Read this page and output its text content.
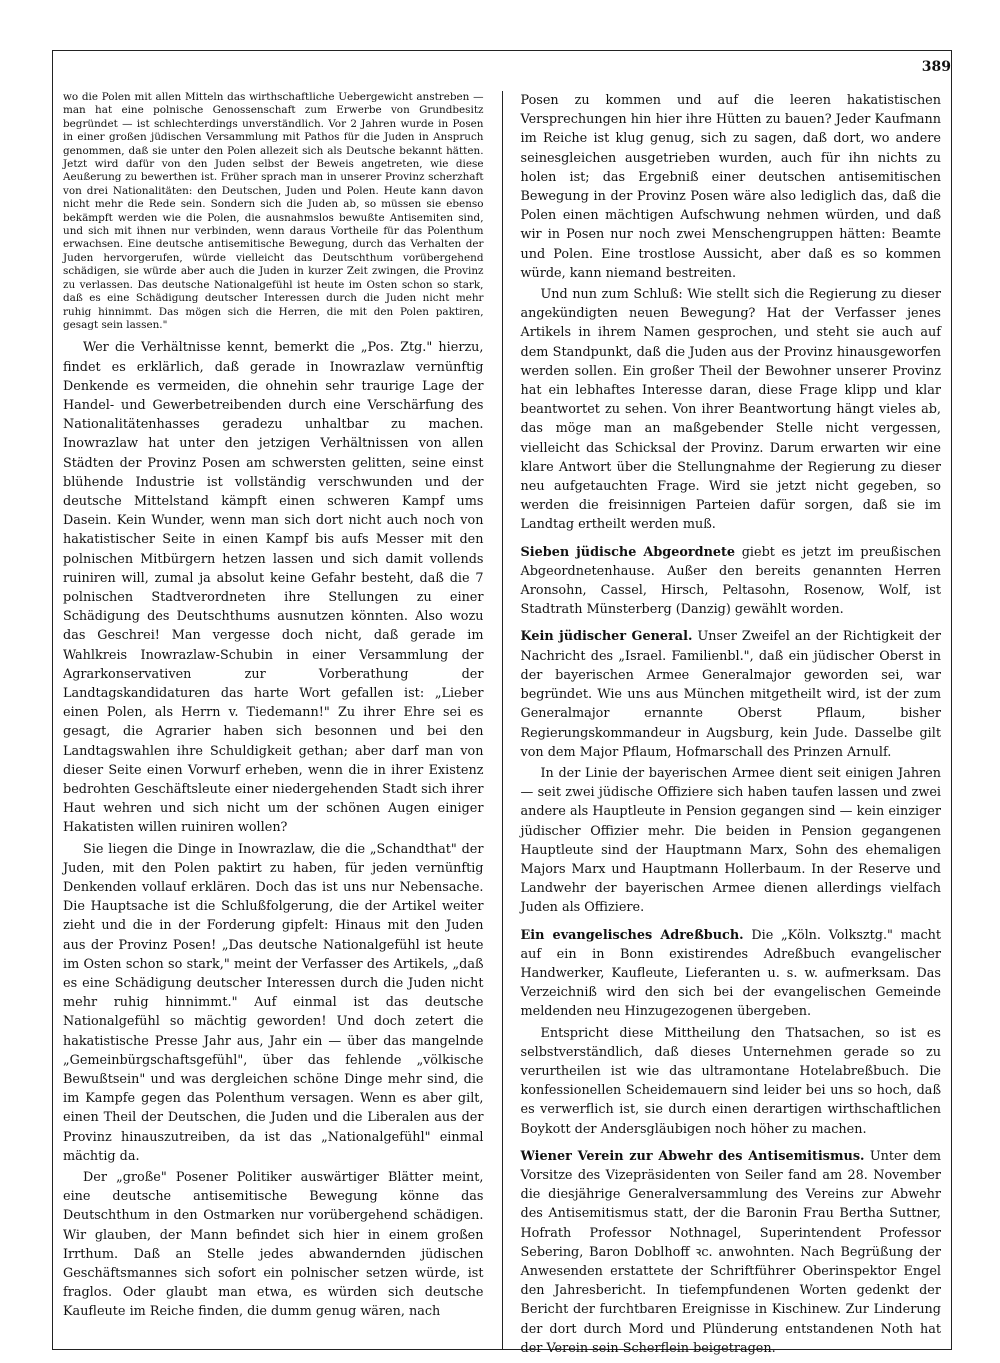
389

wo die Polen mit allen Mitteln das wirthschaftliche Uebergewicht anstreben — man hat eine polnische Genossenschaft zum Erwerbe von Grundbesitz begründet — ist schlechterdings unverständlich. Vor 2 Jahren wurde in Posen in einer großen jüdischen Versammlung mit Pathos für die Juden in Anspruch genommen, daß sie unter den Polen allezeit sich als Deutsche bekannt hätten. Jetzt wird dafür von den Juden selbst der Beweis angetreten, wie diese Aeußerung zu bewerthen ist. Früher sprach man in unserer Provinz scherzhaft von drei Nationalitäten: den Deutschen, Juden und Polen. Heute kann davon nicht mehr die Rede sein. Sondern sich die Juden ab, so müssen sie ebenso bekämpft werden wie die Polen, die ausnahmslos bewußte Antisemiten sind, und sich mit ihnen nur verbinden, wenn daraus Vortheile für das Polenthum erwachsen. Eine deutsche antisemitische Bewegung, durch das Verhalten der Juden hervorgerufen, würde vielleicht das Deutschthum vorübergehend schädigen, sie würde aber auch die Juden in kurzer Zeit zwingen, die Provinz zu verlassen. Das deutsche Nationalgefühl ist heute im Osten schon so stark, daß es eine Schädigung deutscher Interessen durch die Juden nicht mehr ruhig hinnimmt. Das mögen sich die Herren, die mit den Polen paktiren, gesagt sein lassen."

Wer die Verhältnisse kennt, bemerkt die „Pos. Ztg." hierzu, findet es erklärlich, daß gerade in Inowrazlaw vernünftig Denkende es vermeiden, die ohnehin sehr traurige Lage der Handel- und Gewerbetreibenden durch eine Verschärfung des Nationalitätenhasses geradezu unhaltbar zu machen. Inowrazlaw hat unter den jetzigen Verhältnissen von allen Städten der Provinz Posen am schwersten gelitten, seine einst blühende Industrie ist vollständig verschwunden und der deutsche Mittelstand kämpft einen schweren Kampf ums Dasein. Kein Wunder, wenn man sich dort nicht auch noch von hakatistischer Seite in einen Kampf bis aufs Messer mit den polnischen Mitbürgern hetzen lassen und sich damit vollends ruiniren will, zumal ja absolut keine Gefahr besteht, daß die 7 polnischen Stadtverordneten ihre Stellungen zu einer Schädigung des Deutschthums ausnutzen könnten. Also wozu das Geschrei! Man vergesse doch nicht, daß gerade im Wahlkreis Inowrazlaw-Schubin in einer Versammlung der Agrarkonservativen zur Vorberathung der Landtagskandidaturen das harte Wort gefallen ist: „Lieber einen Polen, als Herrn v. Tiedemann!" Zu ihrer Ehre sei es gesagt, die Agrarier haben sich besonnen und bei den Landtagswahlen ihre Schuldigkeit gethan; aber darf man von dieser Seite einen Vorwurf erheben, wenn die in ihrer Existenz bedrohten Geschäftsleute einer niedergehenden Stadt sich ihrer Haut wehren und sich nicht um der schönen Augen einiger Hakatisten willen ruiniren wollen?

Sie liegen die Dinge in Inowrazlaw, die die „Schandthat" der Juden, mit den Polen paktirt zu haben, für jeden vernünftig Denkenden vollauf erklären. Doch das ist uns nur Nebensache. Die Hauptsache ist die Schlußfolgerung, die der Artikel weiter zieht und die in der Forderung gipfelt: Hinaus mit den Juden aus der Provinz Posen! „Das deutsche Nationalgefühl ist heute im Osten schon so stark," meint der Verfasser des Artikels, „daß es eine Schädigung deutscher Interessen durch die Juden nicht mehr ruhig hinnimmt." Auf einmal ist das deutsche Nationalgefühl so mächtig geworden! Und doch zetert die hakatistische Presse Jahr aus, Jahr ein — über das mangelnde „Gemeinbürgschaftsgefühl", über das fehlende „völkische Bewußtsein" und was dergleichen schöne Dinge mehr sind, die im Kampfe gegen das Polenthum versagen. Wenn es aber gilt, einen Theil der Deutschen, die Juden und die Liberalen aus der Provinz hinauszutreiben, da ist das „Nationalgefühl" einmal mächtig da.

Der „große" Posener Politiker auswärtiger Blätter meint, eine deutsche antisemitische Bewegung könne das Deutschthum in den Ostmarken nur vorübergehend schädigen. Wir glauben, der Mann befindet sich hier in einem großen Irrthum. Daß an Stelle jedes abwandernden jüdischen Geschäftsmannes sich sofort ein polnischer setzen würde, ist fraglos. Oder glaubt man etwa, es würden sich deutsche Kaufleute im Reiche finden, die dumm genug wären, nach

Posen zu kommen und auf die leeren hakatistischen Versprechungen hin hier ihre Hütten zu bauen? Jeder Kaufmann im Reiche ist klug genug, sich zu sagen, daß dort, wo andere seinesgleichen ausgetrieben wurden, auch für ihn nichts zu holen ist; das Ergebniß einer deutschen antisemitischen Bewegung in der Provinz Posen wäre also lediglich das, daß die Polen einen mächtigen Aufschwung nehmen würden, und daß wir in Posen nur noch zwei Menschengruppen hätten: Beamte und Polen. Eine trostlose Aussicht, aber daß es so kommen würde, kann niemand bestreiten.

Und nun zum Schluß: Wie stellt sich die Regierung zu dieser angekündigten neuen Bewegung? Hat der Verfasser jenes Artikels in ihrem Namen gesprochen, und steht sie auch auf dem Standpunkt, daß die Juden aus der Provinz hinausgeworfen werden sollen. Ein großer Theil der Bewohner unserer Provinz hat ein lebhaftes Interesse daran, diese Frage klipp und klar beantwortet zu sehen. Von ihrer Beantwortung hängt vieles ab, das möge man an maßgebender Stelle nicht vergessen, vielleicht das Schicksal der Provinz. Darum erwarten wir eine klare Antwort über die Stellungnahme der Regierung zu dieser neu aufgetauchten Frage. Wird sie jetzt nicht gegeben, so werden die freisinnigen Parteien dafür sorgen, daß sie im Landtag ertheilt werden muß.

Sieben jüdische Abgeordnete giebt es jetzt im preußischen Abgeordnetenhause. Außer den bereits genannten Herren Aronsohn, Cassel, Hirsch, Peltasohn, Rosenow, Wolf, ist Stadtrath Münsterberg (Danzig) gewählt worden.

Kein jüdischer General. Unser Zweifel an der Richtigkeit der Nachricht des „Israel. Familienbl.", daß ein jüdischer Oberst in der bayerischen Armee Generalmajor geworden sei, war begründet. Wie uns aus München mitgetheilt wird, ist der zum Generalmajor ernannte Oberst Pflaum, bisher Regierungskommandeur in Augsburg, kein Jude. Dasselbe gilt von dem Major Pflaum, Hofmarschall des Prinzen Arnulf.

In der Linie der bayerischen Armee dient seit einigen Jahren — seit zwei jüdische Offiziere sich haben taufen lassen und zwei andere als Hauptleute in Pension gegangen sind — kein einziger jüdischer Offizier mehr. Die beiden in Pension gegangenen Hauptleute sind der Hauptmann Marx, Sohn des ehemaligen Majors Marx und Hauptmann Hollerbaum. In der Reserve und Landwehr der bayerischen Armee dienen allerdings vielfach Juden als Offiziere.

Ein evangelisches Adreßbuch. Die „Köln. Volksztg." macht auf ein in Bonn existirendes Adreßbuch evangelischer Handwerker, Kaufleute, Lieferanten u. s. w. aufmerksam. Das Verzeichniß wird den sich bei der evangelischen Gemeinde meldenden neu Hinzugezogenen übergeben.

Entspricht diese Mittheilung den Thatsachen, so ist es selbstverständlich, daß dieses Unternehmen gerade so zu verurtheilen ist wie das ultramontane Hotelabreßbuch. Die konfessionellen Scheidemauern sind leider bei uns so hoch, daß es verwerflich ist, sie durch einen derartigen wirthschaftlichen Boykott der Andersgläubigen noch höher zu machen.

Wiener Verein zur Abwehr des Antisemitismus. Unter dem Vorsitze des Vizepräsidenten von Seiler fand am 28. November die diesjährige Generalversammlung des Vereins zur Abwehr des Antisemitismus statt, der die Baronin Frau Bertha Suttner, Hofrath Professor Nothnagel, Superintendent Professor Sebering, Baron Doblhoff ꝛc. anwohnten. Nach Begrüßung der Anwesenden erstattete der Schriftführer Oberinspektor Engel den Jahresbericht. In tiefempfundenen Worten gedenkt der Bericht der furchtbaren Ereignisse in Kischinew. Zur Linderung der dort durch Mord und Plünderung entstandenen Noth hat der Verein sein Scherflein beigetragen.
